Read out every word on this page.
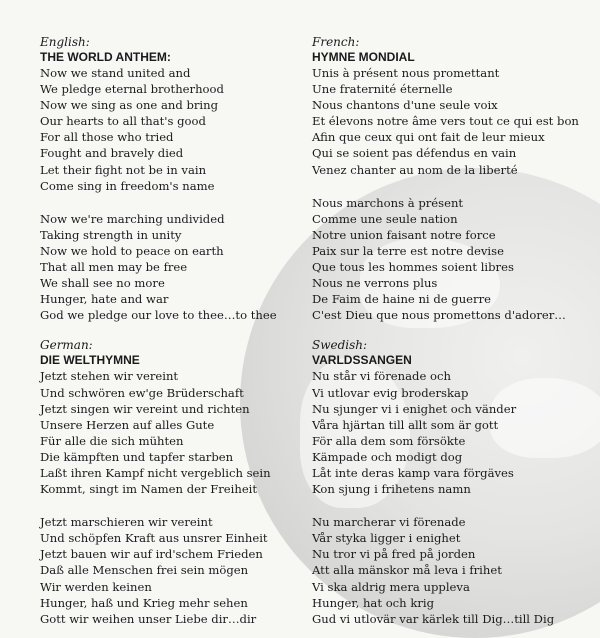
English:

THE WORLD ANTHEM:

Now we stand united and

We pledge eternal brotherhood

Now we sing as one and bring

Our hearts to all that's good

For all those who tried

Fought and bravely died

Let their fight not be in vain

Come sing in freedom's name

Now we're marching undivided

Taking strength in unity

Now we hold to peace on earth

That all men may be free

We shall see no more

Hunger, hate and war

God we pledge our love to thee…to thee

German:

DIE WELTHYMNE

Jetzt stehen wir vereint

Und schwören ew'ge Brüderschaft

Jetzt singen wir vereint und richten

Unsere Herzen auf alles Gute

Für alle die sich mühten

Die kämpften und tapfer starben

Laßt ihren Kampf nicht vergeblich sein

Kommt, singt im Namen der Freiheit

Jetzt marschieren wir vereint

Und schöpfen Kraft aus unsrer Einheit

Jetzt bauen wir auf ird'schem Frieden

Daß alle Menschen frei sein mögen

Wir werden keinen

Hunger, haß und Krieg mehr sehen

Gott wir weihen unser Liebe dir…dir

French:

HYMNE MONDIAL

Unis à présent nous promettant

Une fraternité éternelle

Nous chantons d'une seule voix

Et élevons notre âme vers tout ce qui est bon

Afin que ceux qui ont fait de leur mieux

Qui se soient pas défendus en vain

Venez chanter au nom de la liberté

Nous marchons à présent

Comme une seule nation

Notre union faisant notre force

Paix sur la terre est notre devise

Que tous les hommes soient libres

Nous ne verrons plus

De Faim de haine ni de guerre

C'est Dieu que nous promettons d'adorer…

Swedish:

VARLDSSANGEN

Nu står vi förenade och

Vi utlovar evig broderskap

Nu sjunger vi i enighet och vänder

Våra hjärtan till allt som är gott

För alla dem som försökte

Kämpade och modigt dog

Låt inte deras kamp vara förgäves

Kon sjung i frihetens namn

Nu marcherar vi förenade

Vår styka ligger i enighet

Nu tror vi på fred på jorden

Att alla mänskor må leva i frihet

Vi ska aldrig mera uppleva

Hunger, hat och krig

Gud vi utlovär var kärlek till Dig…till Dig
